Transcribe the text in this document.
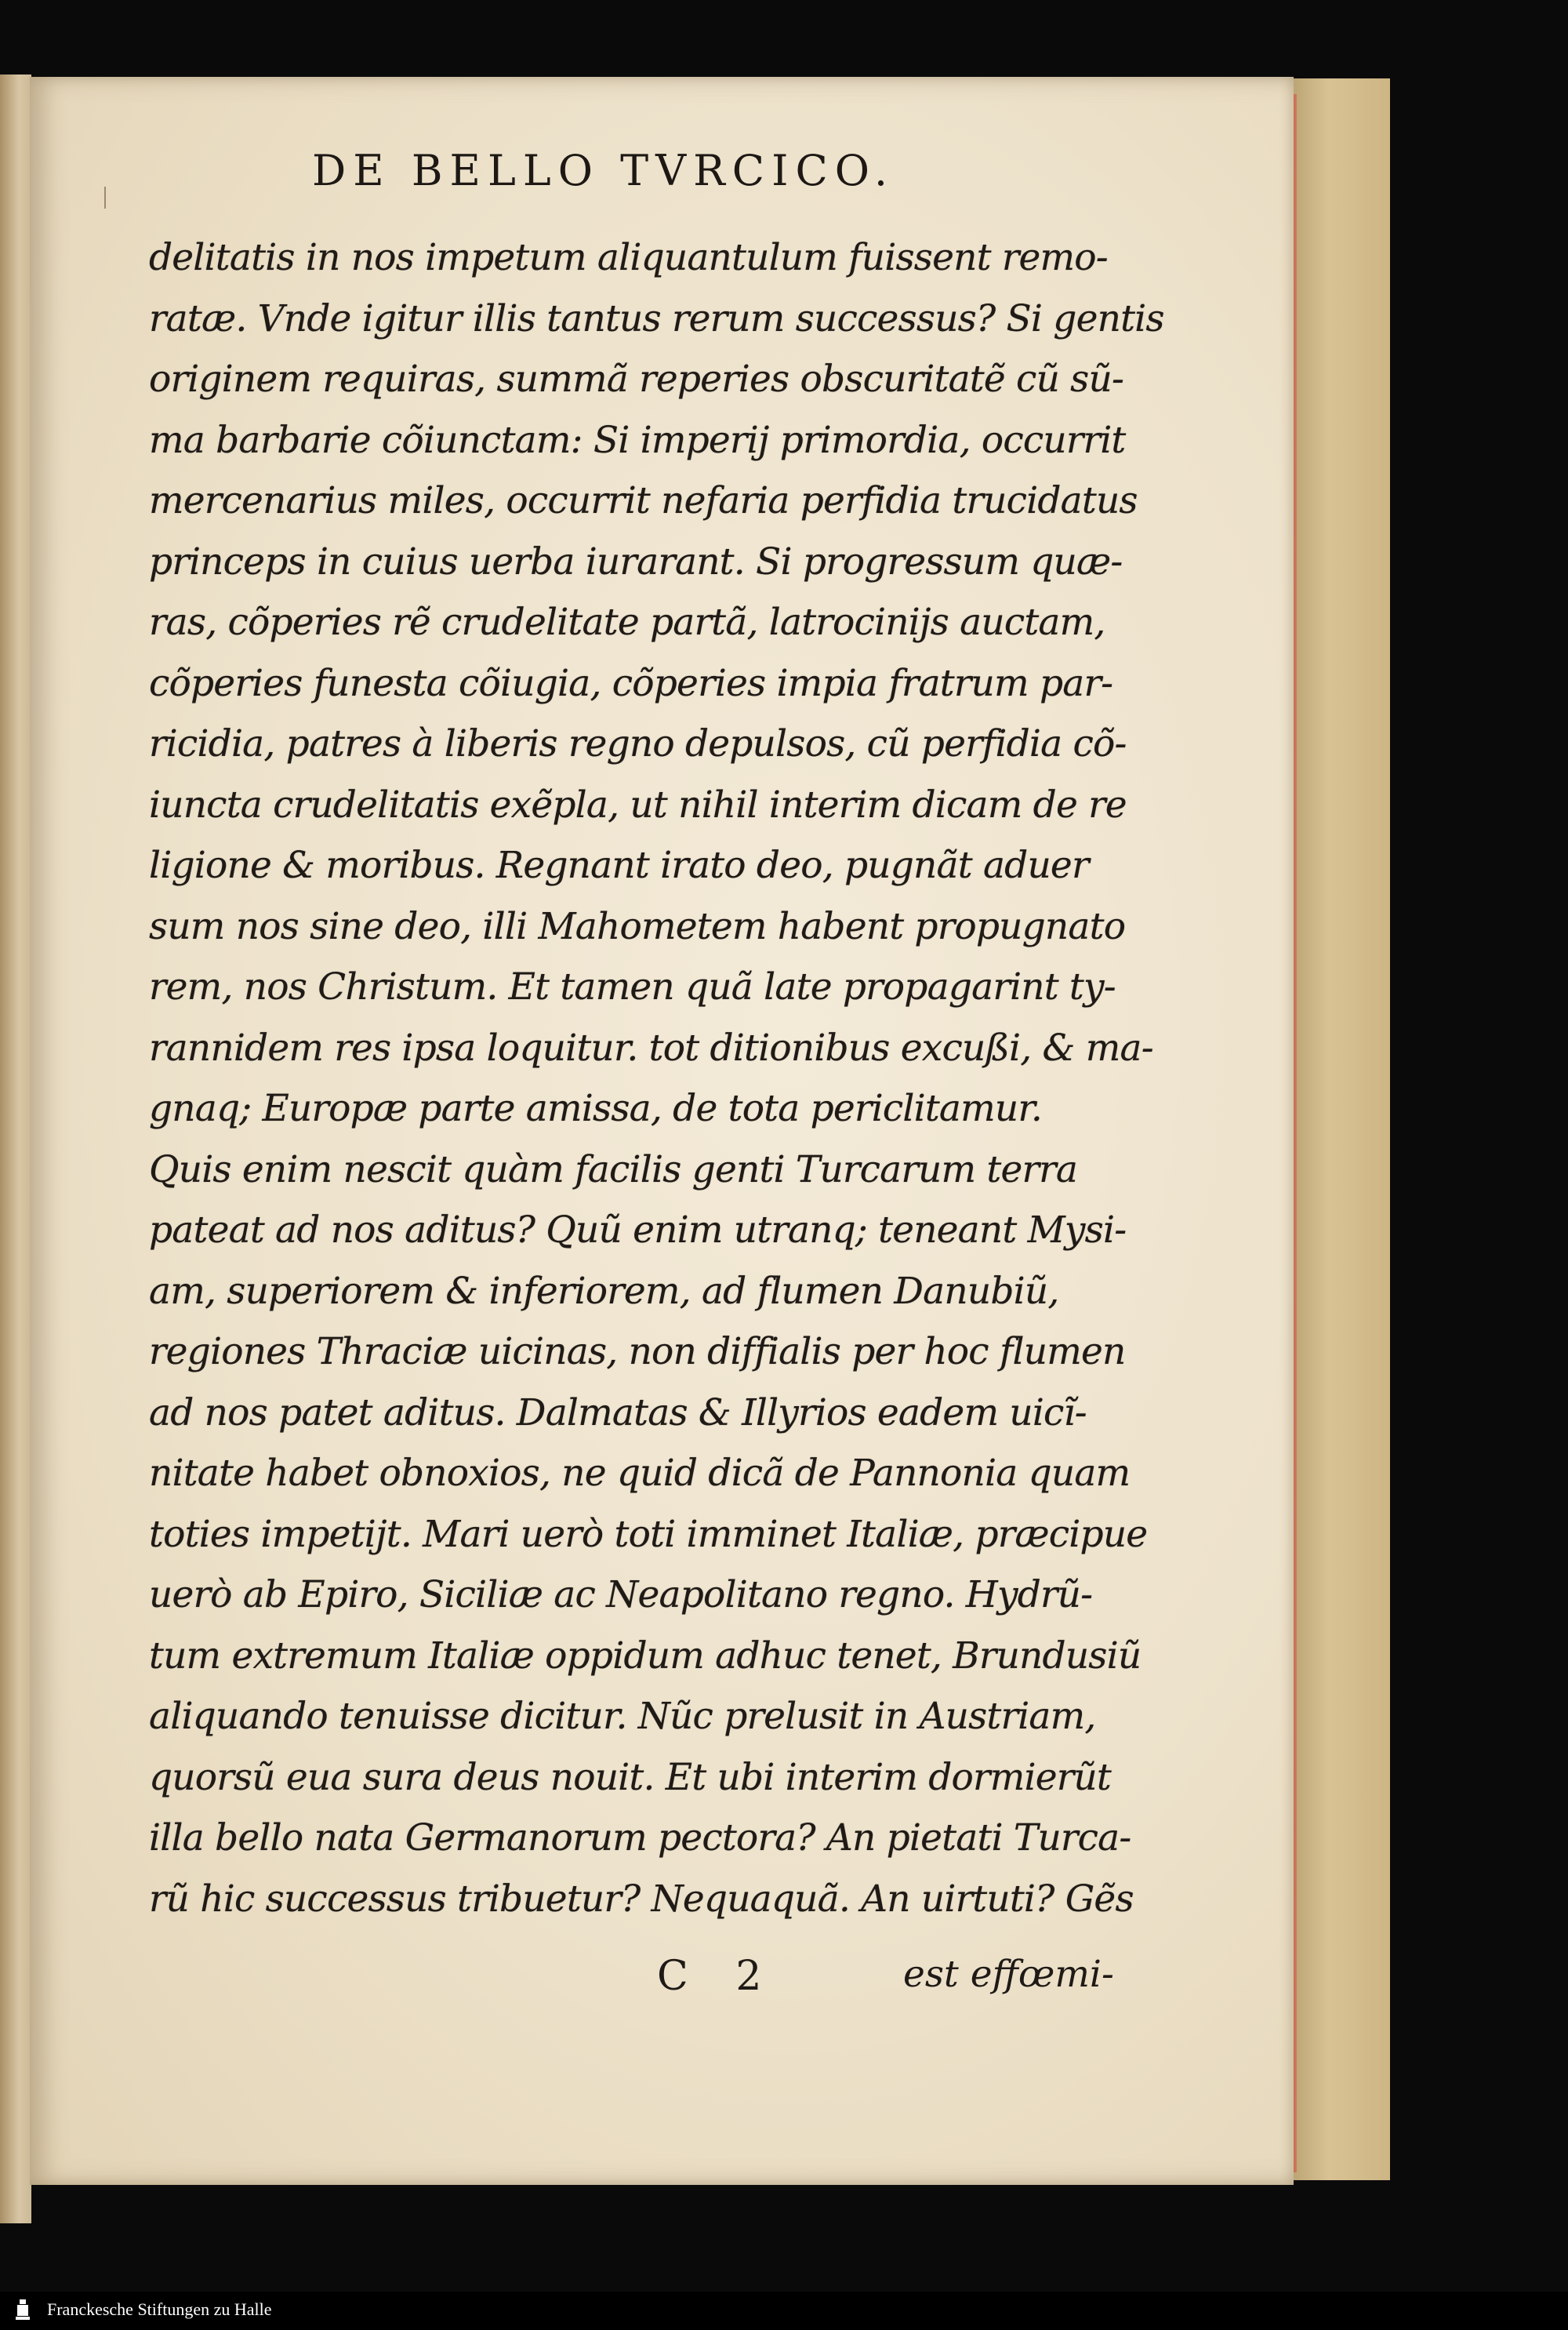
DE BELLO TVRCICO.
delitatis in nos impetum aliquantulum fuissent remo-
ratæ. Vnde igitur illis tantus rerum successus? Si gentis
originem requiras, summã reperies obscuritatẽ cũ sũ-
ma barbarie cõiunctam: Si imperij primordia, occurrit
mercenarius miles, occurrit nefaria perfidia trucidatus
princeps in cuius uerba iurarant. Si progressum quæ-
ras, cõperies rẽ crudelitate partã, latrocinijs auctam,
cõperies funesta cõiugia, cõperies impia fratrum par-
ricidia, patres à liberis regno depulsos, cũ perfidia cõ-
iuncta crudelitatis exẽpla, ut nihil interim dicam de re
ligione & moribus. Regnant irato deo, pugnãt aduer
sum nos sine deo, illi Mahometem habent propugnato
rem, nos Christum. Et tamen quã late propagarint ty-
rannidem res ipsa loquitur. tot ditionibus excußi, & ma-
gnaq; Europæ parte amissa, de tota periclitamur.
Quis enim nescit quàm facilis genti Turcarum terra
pateat ad nos aditus? Quũ enim utranq; teneant Mysi-
am, superiorem & inferiorem, ad flumen Danubiũ,
regiones Thraciæ uicinas, non diffialis per hoc flumen
ad nos patet aditus. Dalmatas & Illyrios eadem uicĩ-
nitate habet obnoxios, ne quid dicã de Pannonia quam
toties impetijt. Mari uerò toti imminet Italiæ, præcipue
uerò ab Epiro, Siciliæ ac Neapolitano regno. Hydrũ-
tum extremum Italiæ oppidum adhuc tenet, Brundusiũ
aliquando tenuisse dicitur. Nũc prelusit in Austriam,
quorsũ eua sura deus nouit. Et ubi interim dormierũt
illa bello nata Germanorum pectora? An pietati Turca-
rũ hic successus tribuetur? Nequaquã. An uirtuti? Gẽs
C 2	est effœmi-
Franckesche Stiftungen zu Halle
